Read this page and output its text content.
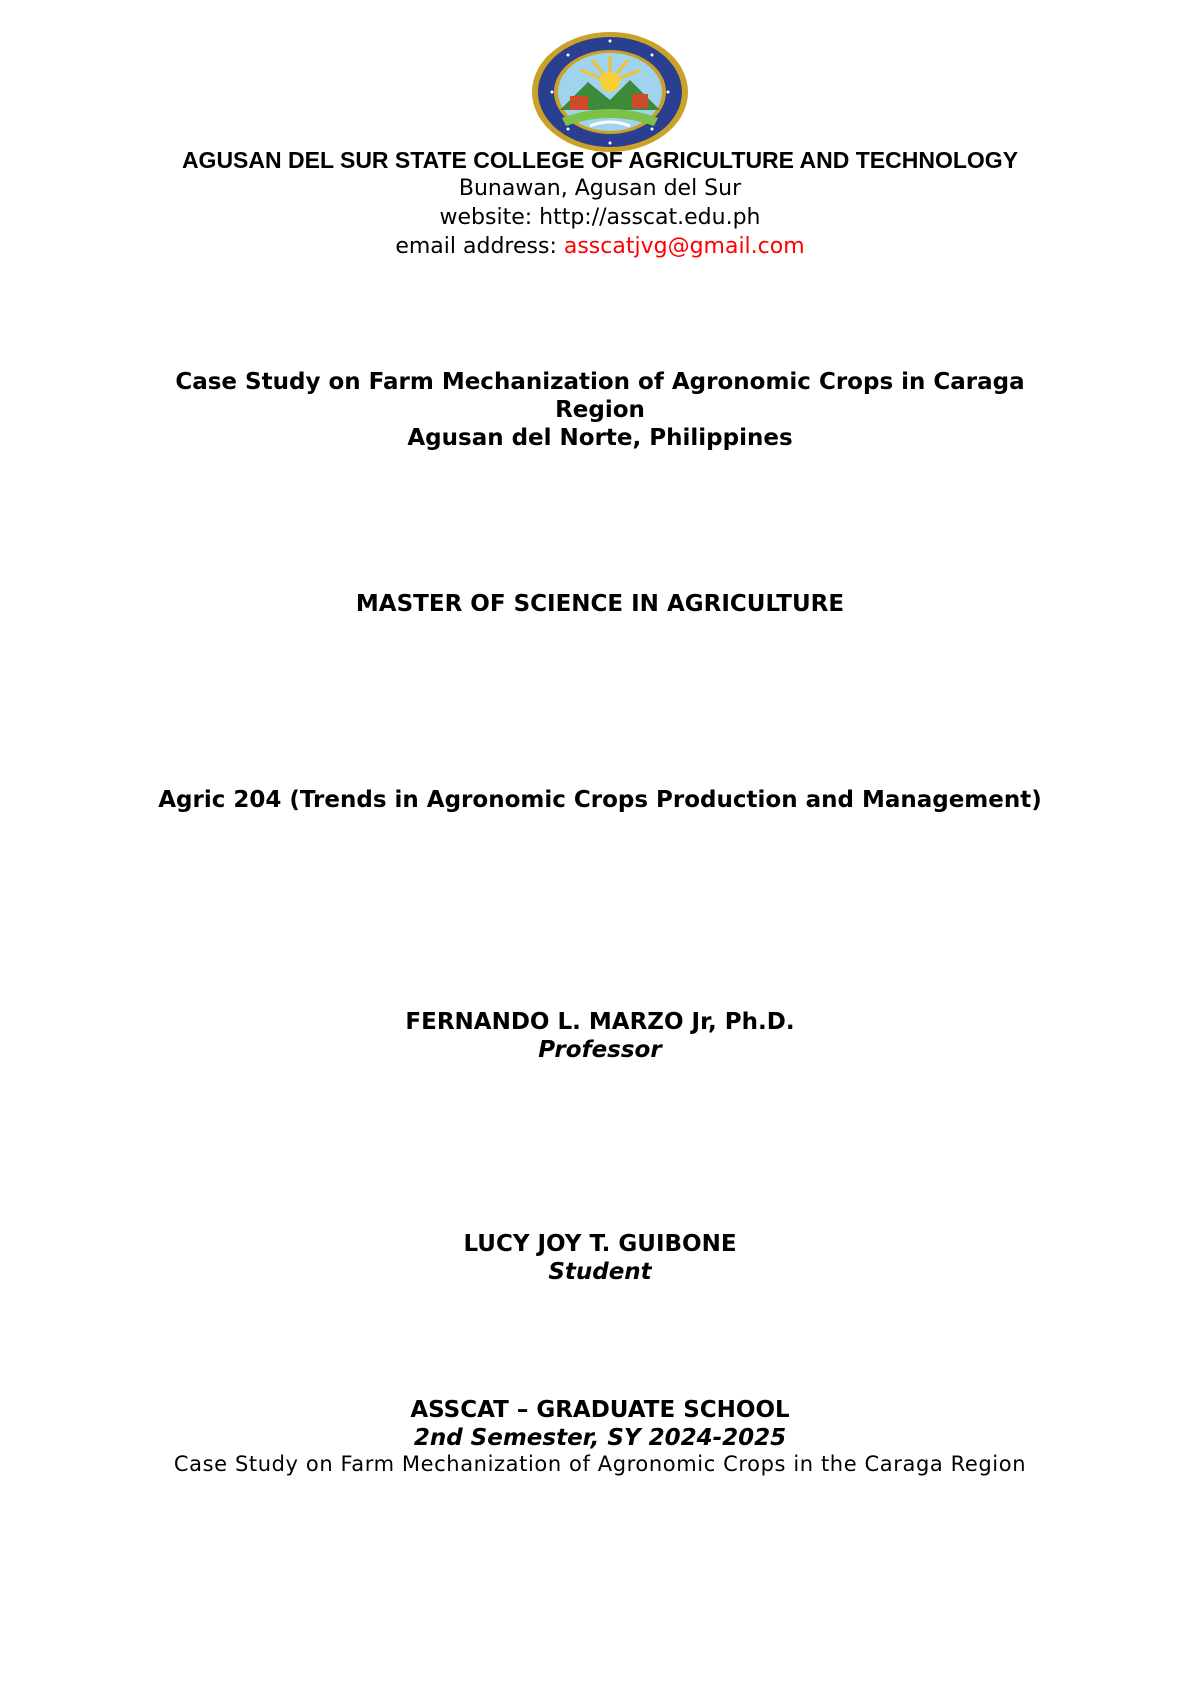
AGUSAN DEL SUR STATE COLLEGE OF AGRICULTURE AND TECHNOLOGY
Bunawan, Agusan del Sur
website: http://asscat.edu.ph
email address: asscatjvg@gmail.com
Case Study on Farm Mechanization of Agronomic Crops in Caraga Region
Agusan del Norte, Philippines
MASTER OF SCIENCE IN AGRICULTURE
Agric 204 (Trends in Agronomic Crops Production and Management)
FERNANDO L. MARZO Jr, Ph.D.
Professor
LUCY JOY T. GUIBONE
Student
ASSCAT – GRADUATE SCHOOL
2nd Semester, SY 2024-2025
Case Study on Farm Mechanization of Agronomic Crops in the Caraga Region
